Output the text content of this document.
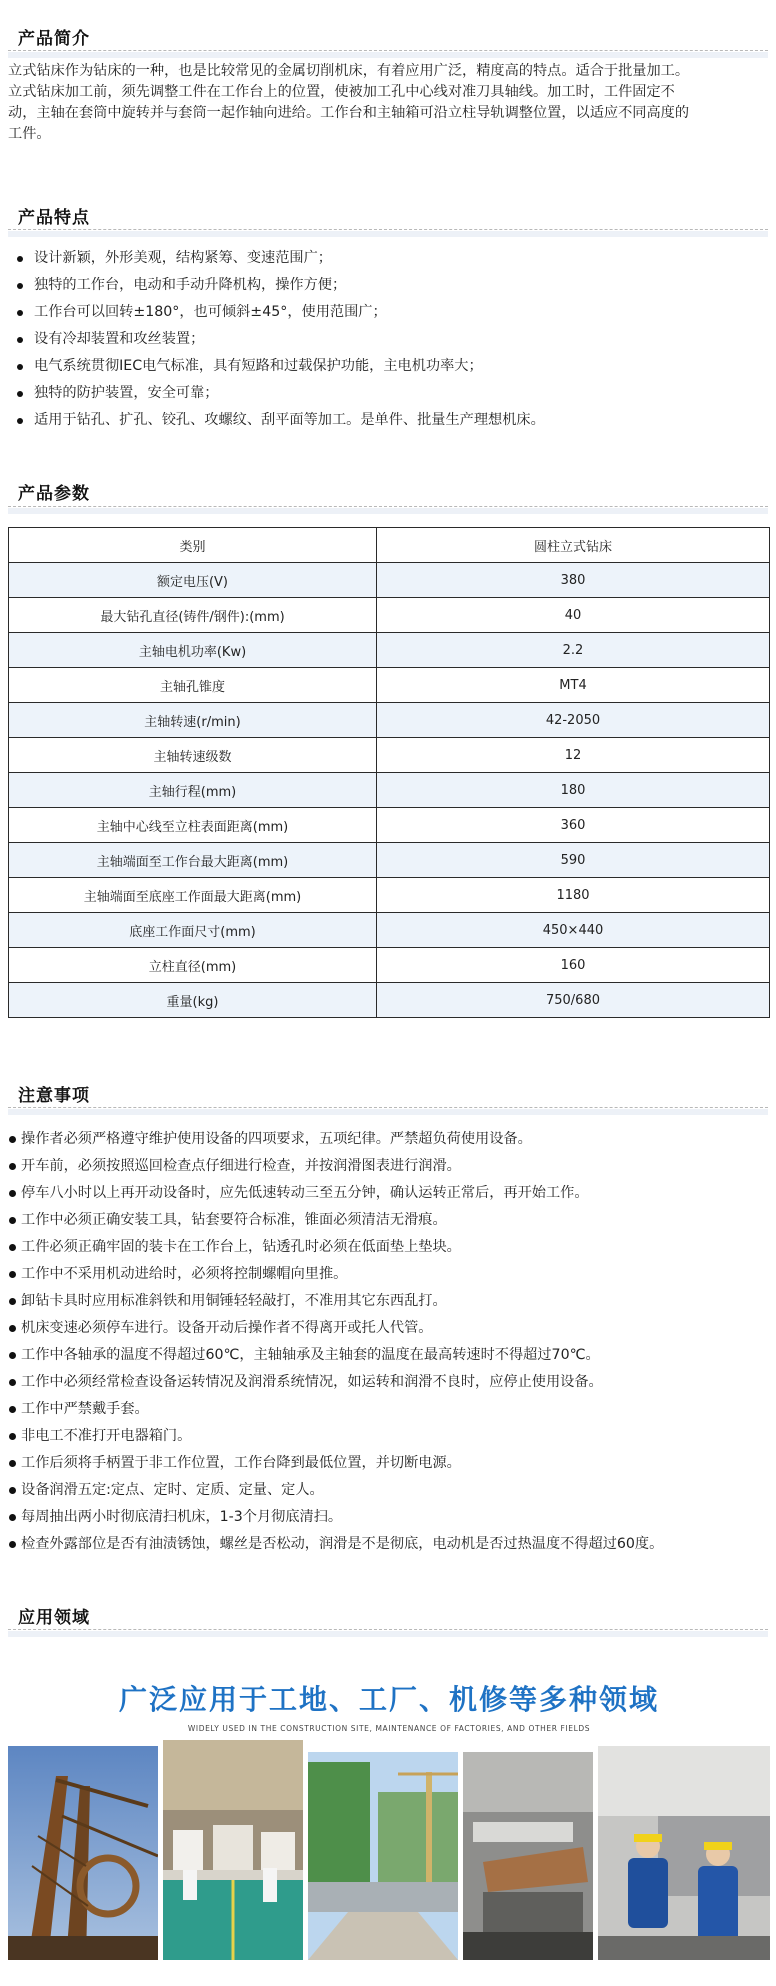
产品简介

立式钻床作为钻床的一种，也是比较常见的金属切削机床，有着应用广泛，精度高的特点。适合于批量加工。

立式钻床加工前，须先调整工件在工作台上的位置，使被加工孔中心线对准刀具轴线。加工时，工件固定不

动，主轴在套筒中旋转并与套筒一起作轴向进给。工作台和主轴箱可沿立柱导轨调整位置，以适应不同高度的

工件。

产品特点
设计新颖，外形美观，结构紧筹、变速范围广；
独特的工作台，电动和手动升降机构，操作方便；
工作台可以回转±180°，也可倾斜±45°，使用范围广；
设有冷却装置和攻丝装置；
电气系统贯彻IEC电气标准，具有短路和过载保护功能，主电机功率大；
独特的防护装置，安全可靠；
适用于钻孔、扩孔、铰孔、攻螺纹、刮平面等加工。是单件、批量生产理想机床。
产品参数
类别	圆柱立式钻床
额定电压(V)	380
最大钻孔直径(铸件/钢件):(mm)	40
主轴电机功率(Kw)	2.2
主轴孔锥度	MT4
主轴转速(r/min)	42-2050
主轴转速级数	12
主轴行程(mm)	180
主轴中心线至立柱表面距离(mm)	360
主轴端面至工作台最大距离(mm)	590
主轴端面至底座工作面最大距离(mm)	1180
底座工作面尺寸(mm)	450×440
立柱直径(mm)	160
重量(kg)	750/680
注意事项
操作者必须严格遵守维护使用设备的四项要求，五项纪律。严禁超负荷使用设备。
开车前，必须按照巡回检查点仔细进行检查，并按润滑图表进行润滑。
停车八小时以上再开动设备时，应先低速转动三至五分钟，确认运转正常后，再开始工作。
工作中必须正确安装工具，钻套要符合标准，锥面必须清洁无滑痕。
工件必须正确牢固的装卡在工作台上，钻透孔时必须在低面垫上垫块。
工作中不采用机动进给时，必须将控制螺帽向里推。
卸钻卡具时应用标准斜铁和用铜锤轻轻敲打，不准用其它东西乱打。
机床变速必须停车进行。设备开动后操作者不得离开或托人代管。
工作中各轴承的温度不得超过60℃，主轴轴承及主轴套的温度在最高转速时不得超过70℃。
工作中必须经常检查设备运转情况及润滑系统情况，如运转和润滑不良时，应停止使用设备。
工作中严禁戴手套。
非电工不准打开电器箱门。
工作后须将手柄置于非工作位置，工作台降到最低位置，并切断电源。
设备润滑五定:定点、定时、定质、定量、定人。
每周抽出两小时彻底清扫机床，1-3个月彻底清扫。
检查外露部位是否有油渍锈蚀，螺丝是否松动，润滑是不是彻底，电动机是否过热温度不得超过60度。
应用领域
广泛应用于工地、工厂、机修等多种领域
WIDELY USED IN THE CONSTRUCTION SITE, MAINTENANCE OF FACTORIES, AND OTHER FIELDS
